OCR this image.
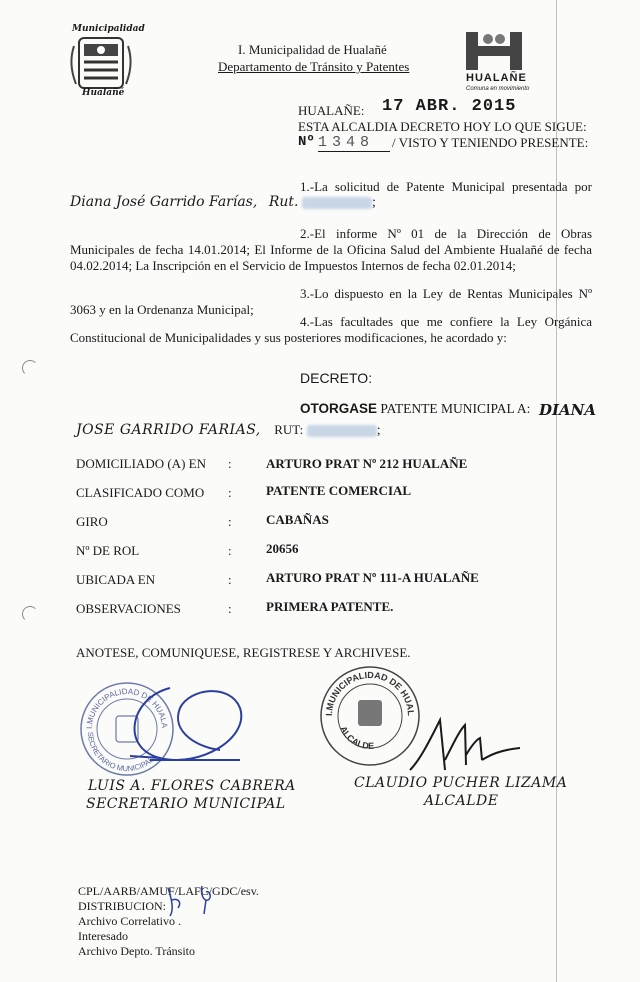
Municipalidad
Hualañé
I. Municipalidad de Hualañé
Departamento de Tránsito y Patentes
HUALAÑE
Comuna en movimiento
HUALAÑE: 17 ABR. 2015
ESTA ALCALDIA DECRETO HOY LO QUE SIGUE:
Nº 1348	/ VISTO Y TENIENDO PRESENTE:
1.-La solicitud de Patente Municipal presentada por
Diana José Garrido Farías, Rut.	;
2.-El informe Nº 01 de la Dirección de Obras
Municipales de fecha 14.01.2014; El Informe de la Oficina Salud del Ambiente Hualañé de fecha
04.02.2014; La Inscripción en el Servicio de Impuestos Internos de fecha 02.01.2014;
3.-Lo dispuesto en la Ley de Rentas Municipales Nº
3063 y en la Ordenanza Municipal;
4.-Las facultades que me confiere la Ley Orgánica
Constitucional de Municipalidades y sus posteriores modificaciones, he acordado y:
DECRETO:
OTORGASE PATENTE MUNICIPAL A: DIANA
JOSE GARRIDO FARIAS, RUT:	;
DOMICILIADO (A) EN :	ARTURO PRAT Nº 212 HUALAÑE
CLASIFICADO COMO :	PATENTE COMERCIAL
GIRO	:	CABAÑAS
Nº DE ROL	:	20656
UBICADA EN	:	ARTURO PRAT Nº 111-A HUALAÑE
OBSERVACIONES	:	PRIMERA PATENTE.
ANOTESE, COMUNIQUESE, REGISTRESE Y ARCHIVESE.
I.MUNICIPALIDAD DE HUALA
SECRETARIO MUNICIPAL
LUIS A. FLORES CABRERA
SECRETARIO MUNICIPAL
I.MUNICIPALIDAD DE HUAL
ALCALDE
CLAUDIO PUCHER LIZAMA
ALCALDE
CPL/AARB/AMUF/LAFC/GDC/esv.
DISTRIBUCION:
Archivo Correlativo .
Interesado
Archivo Depto. Tránsito
